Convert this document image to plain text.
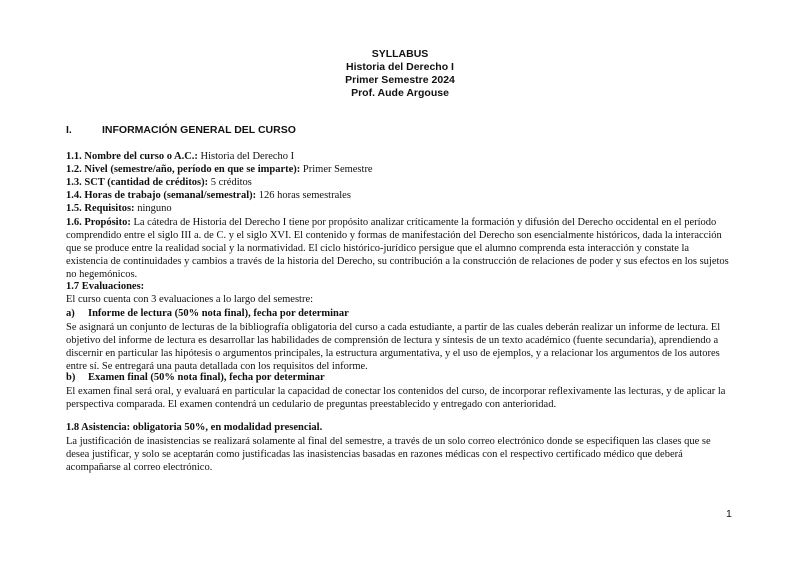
SYLLABUS
Historia del Derecho I
Primer Semestre 2024
Prof. Aude Argouse
I.	INFORMACIÓN GENERAL DEL CURSO
1.1. Nombre del curso o A.C.: Historia del Derecho I
1.2. Nivel (semestre/año, período en que se imparte): Primer Semestre
1.3. SCT (cantidad de créditos): 5 créditos
1.4. Horas de trabajo (semanal/semestral): 126 horas semestrales
1.5. Requisitos: ninguno

1.6. Propósito: La cátedra de Historia del Derecho I tiene por propósito analizar críticamente la formación y difusión del Derecho occidental en el período comprendido entre el siglo III a. de C. y el siglo XVI. El contenido y formas de manifestación del Derecho son esencialmente históricos, dada la interacción que se produce entre la realidad social y la normatividad. El ciclo histórico-jurídico persigue que el alumno comprenda esta interacción y constate la existencia de continuidades y cambios a través de la historia del Derecho, su contribución a la construcción de relaciones de poder y sus efectos en los sujetos no hegemónicos.

1.7 Evaluaciones:
El curso cuenta con 3 evaluaciones a lo largo del semestre:
a) Informe de lectura (50% nota final), fecha por determinar
Se asignará un conjunto de lecturas de la bibliografía obligatoria del curso a cada estudiante, a partir de las cuales deberán realizar un informe de lectura. El objetivo del informe de lectura es desarrollar las habilidades de comprensión de lectura y síntesis de un texto académico (fuente secundaria), aprendiendo a discernir en particular las hipótesis o argumentos principales, la estructura argumentativa, y el uso de ejemplos, y a relacionar los argumentos de los autores entre sí. Se entregará una pauta detallada con los requisitos del informe.
b) Examen final (50% nota final), fecha por determinar
El examen final será oral, y evaluará en particular la capacidad de conectar los contenidos del curso, de incorporar reflexivamente las lecturas, y de aplicar la perspectiva comparada. El examen contendrá un cedulario de preguntas preestablecido y entregado con anterioridad.
1.8 Asistencia: obligatoria 50%, en modalidad presencial.
La justificación de inasistencias se realizará solamente al final del semestre, a través de un solo correo electrónico donde se especifiquen las clases que se desea justificar, y solo se aceptarán como justificadas las inasistencias basadas en razones médicas con el respectivo certificado médico que deberá acompañarse al correo electrónico.
1
